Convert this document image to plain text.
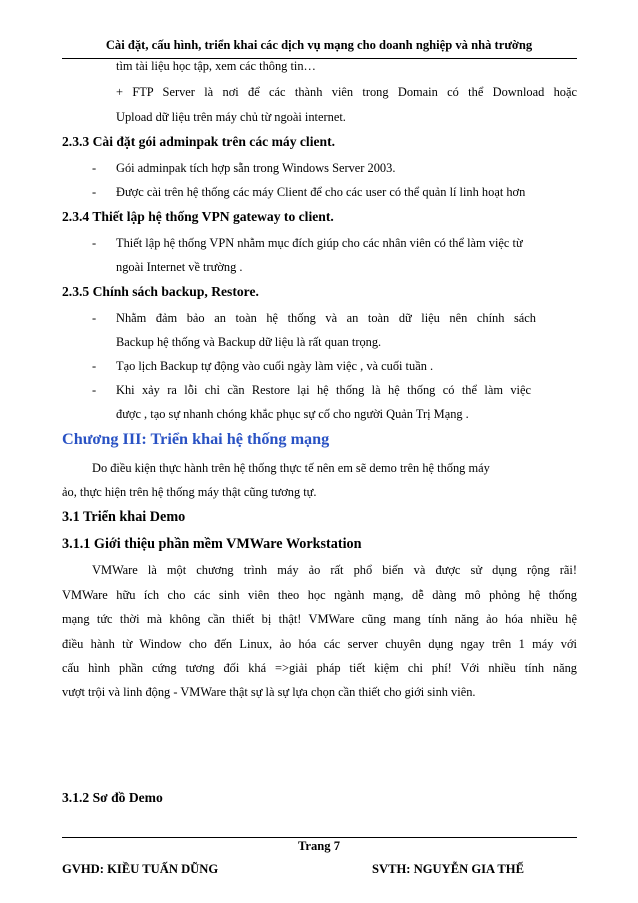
Cài đặt, cấu hình, triển khai các dịch vụ mạng cho doanh nghiệp và nhà trường
tìm tài liệu học tập, xem các thông tin…
+ FTP Server là nơi để các thành viên trong Domain có thể Download hoặc
Upload dữ liệu trên máy chủ từ ngoài internet.
2.3.3 Cài đặt gói adminpak trên các máy client.
- Gói adminpak tích hợp sẵn trong Windows Server 2003.
- Được cài trên hệ thống các máy Client để cho các user có thể quản lí linh hoạt hơn
2.3.4 Thiết lập hệ thống VPN gateway to client.
- Thiết lập hệ thống VPN nhằm mục đích giúp cho các nhân viên có thể làm việc từ
ngoài Internet về trường .
2.3.5 Chính sách backup, Restore.
- Nhằm đảm bảo an toàn hệ thống và an toàn dữ liệu nên chính sách
Backup hệ thống và Backup dữ liệu là rất quan trọng.
- Tạo lịch Backup tự động vào cuối ngày làm việc , và cuối tuần .
- Khi xảy ra lỗi chỉ cần Restore lại hệ thống là hệ thống có thể làm việc
được , tạo sự nhanh chóng khắc phục sự cố cho người Quản Trị Mạng .
Chương III: Triển khai hệ thống mạng
Do điều kiện thực hành trên hệ thống thực tế nên em sẽ demo trên hệ thống máy
ảo, thực hiện trên hệ thống máy thật cũng tương tự.
3.1 Triển khai Demo
3.1.1 Giới thiệu phần mềm VMWare Workstation
VMWare là một chương trình máy ảo rất phổ biến và được sử dụng rộng rãi!
VMWare hữu ích cho các sinh viên theo học ngành mạng, dễ dàng mô phỏng hệ thống
mạng tức thời mà không cần thiết bị thật! VMWare cũng mang tính năng ảo hóa nhiều hệ
điều hành từ Window cho đến Linux, ảo hóa các server chuyên dụng ngay trên 1 máy với
cấu hình phần cứng tương đối khá =>giải pháp tiết kiệm chi phí! Với nhiều tính năng
vượt trội và linh động - VMWare thật sự là sự lựa chọn cần thiết cho giới sinh viên.
3.1.2 Sơ đồ Demo
Trang 7
GVHD: KIỀU TUẤN DŨNG	SVTH: NGUYỄN GIA THẾ
